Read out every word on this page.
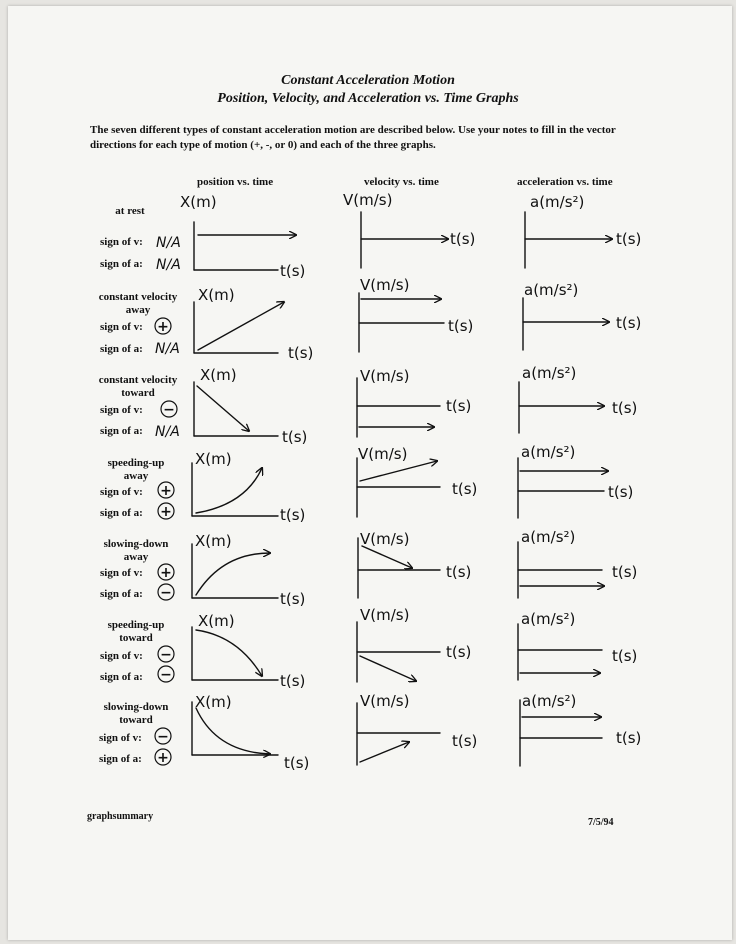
Constant Acceleration Motion
Position, Velocity, and Acceleration vs. Time Graphs
The seven different types of constant acceleration motion are described below. Use your notes to fill in the vector directions for each type of motion (+, -, or 0) and each of the three graphs.
position vs. time	velocity vs. time	acceleration vs. time
at rest
constant velocity
away
constant velocity
toward
speeding-up
away
slowing-down
away
speeding-up
toward
slowing-down
toward
sign of v:
sign of a:
sign of v:
sign of a:
sign of v:
sign of a:
sign of v:
sign of a:
sign of v:
sign of a:
sign of v:
sign of a:
sign of v:
sign of a:
graphsummary
7/5/94
N/A
N/A
N/A
N/A
+
−
+
+
+
−
−
−
−
+
X(m)
t(s)
V(m/s)
t(s)
a(m/s²)
t(s)
X(m)
t(s)
V(m/s)
t(s)
a(m/s²)
t(s)
X(m)
t(s)
V(m/s)
t(s)
a(m/s²)
t(s)
X(m)
t(s)
V(m/s)
t(s)
a(m/s²)
t(s)
X(m)
t(s)
V(m/s)
t(s)
a(m/s²)
t(s)
X(m)
t(s)
V(m/s)
t(s)
a(m/s²)
t(s)
X(m)
t(s)
V(m/s)
t(s)
a(m/s²)
t(s)
